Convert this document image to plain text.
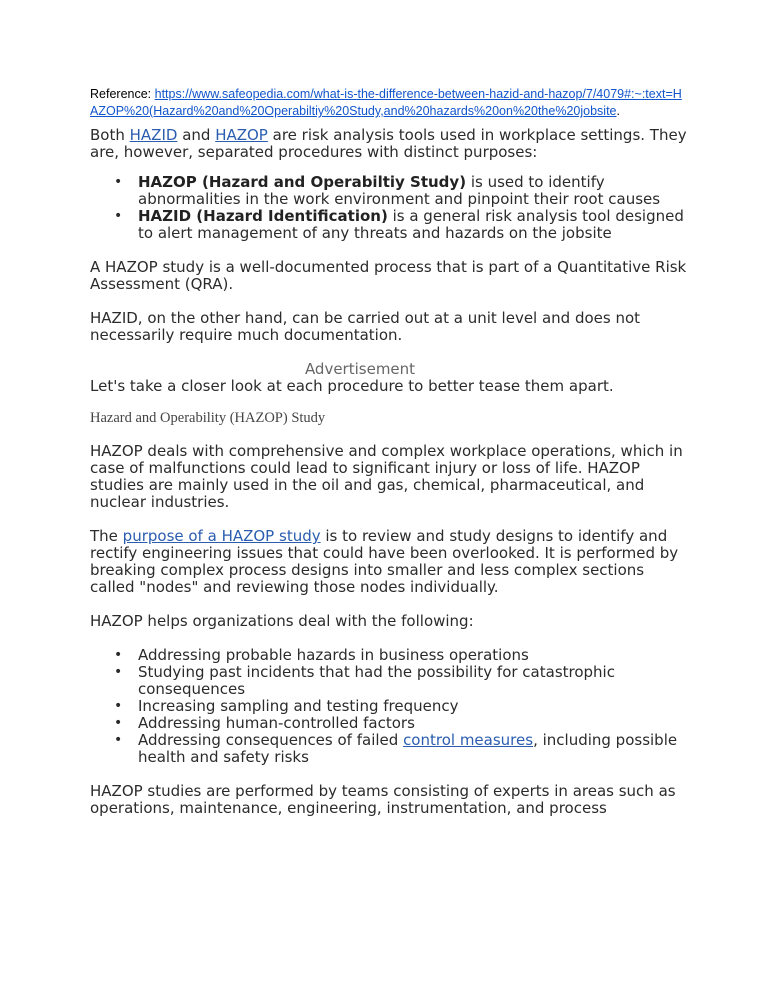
Reference: https://www.safeopedia.com/what-is-the-difference-between-hazid-and-hazop/7/4079#:~:text=HAZOP%20(Hazard%20and%20Operabiltiy%20Study,and%20hazards%20on%20the%20jobsite.

Both HAZID and HAZOP are risk analysis tools used in workplace settings. They are, however, separated procedures with distinct purposes:

• HAZOP (Hazard and Operabiltiy Study) is used to identify abnormalities in the work environment and pinpoint their root causes
• HAZID (Hazard Identification) is a general risk analysis tool designed to alert management of any threats and hazards on the jobsite

A HAZOP study is a well-documented process that is part of a Quantitative Risk Assessment (QRA).

HAZID, on the other hand, can be carried out at a unit level and does not necessarily require much documentation.

Advertisement

Let's take a closer look at each procedure to better tease them apart.

Hazard and Operability (HAZOP) Study

HAZOP deals with comprehensive and complex workplace operations, which in case of malfunctions could lead to significant injury or loss of life. HAZOP studies are mainly used in the oil and gas, chemical, pharmaceutical, and nuclear industries.

The purpose of a HAZOP study is to review and study designs to identify and rectify engineering issues that could have been overlooked. It is performed by breaking complex process designs into smaller and less complex sections called "nodes" and reviewing those nodes individually.

HAZOP helps organizations deal with the following:

• Addressing probable hazards in business operations
• Studying past incidents that had the possibility for catastrophic consequences
• Increasing sampling and testing frequency
• Addressing human-controlled factors
• Addressing consequences of failed control measures, including possible health and safety risks

HAZOP studies are performed by teams consisting of experts in areas such as operations, maintenance, engineering, instrumentation, and process
